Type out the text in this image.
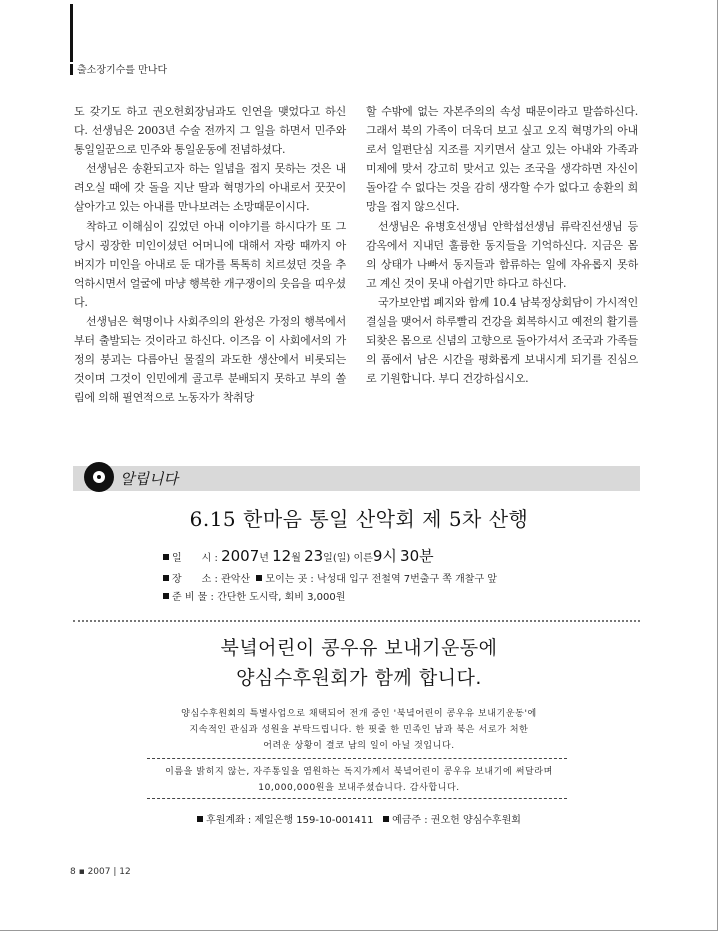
출소장기수를 만나다

도 갖기도 하고 권오헌회장님과도 인연을 맺었다고 하신다. 선생님은 2003년 수술 전까지 그 일을 하면서 민주와 통일일꾼으로 민주와 통일운동에 전념하셨다.

선생님은 송환되고자 하는 일념을 접지 못하는 것은 내려오실 때에 갓 돌을 지난 딸과 혁명가의 아내로서 꿋꿋이 살아가고 있는 아내를 만나보려는 소망때문이시다.

착하고 이해심이 깊었던 아내 이야기를 하시다가 또 그 당시 굉장한 미인이셨던 어머니에 대해서 자랑 때까지 아버지가 미인을 아내로 둔 대가를 톡톡히 치르셨던 것을 추억하시면서 얼굴에 마냥 행복한 개구쟁이의 웃음을 띠우셨다.

선생님은 혁명이나 사회주의의 완성은 가정의 행복에서부터 출발되는 것이라고 하신다. 이즈음 이 사회에서의 가정의 붕괴는 다름아닌 물질의 과도한 생산에서 비롯되는 것이며 그것이 인민에게 골고루 분배되지 못하고 부의 쏠림에 의해 필연적으로 노동자가 착취당

할 수밖에 없는 자본주의의 속성 때문이라고 말씀하신다. 그래서 북의 가족이 더욱더 보고 싶고 오직 혁명가의 아내로서 일편단심 지조를 지키면서 살고 있는 아내와 가족과 미제에 맞서 강고히 맞서고 있는 조국을 생각하면 자신이 돌아갈 수 없다는 것을 감히 생각할 수가 없다고 송환의 희망을 접지 않으신다.

선생님은 유병호선생님 안학섭선생님 류락진선생님 등 감옥에서 지내던 훌륭한 동지들을 기억하신다. 지금은 몸의 상태가 나빠서 동지들과 함류하는 일에 자유롭지 못하고 계신 것이 못내 아쉽기만 하다고 하신다.

국가보안법 폐지와 함께 10.4 남북정상회담이 가시적인 결실을 맺어서 하루빨리 건강을 회복하시고 예전의 활기를 되찾은 몸으로 신념의 고향으로 돌아가셔서 조국과 가족들의 품에서 남은 시간을 평화롭게 보내시게 되기를 진심으로 기원합니다. 부디 건강하십시오.

알립니다
6.15 한마음 통일 산악회 제 5차 산행
일　　시 : 2007년 12월 23일(일) 이른9시 30분
장　　소 : 관악산 모이는 곳 : 낙성대 입구 전철역 7번출구 쪽 개찰구 앞
준 비 물 : 간단한 도시락, 회비 3,000원
북녘어린이 콩우유 보내기운동에
양심수후원회가 함께 합니다.
양심수후원회의 특별사업으로 채택되어 전개 중인 '북녘어린이 콩우유 보내기운동'에
지속적인 관심과 성원을 부탁드립니다. 한 핏줄 한 민족인 남과 북은 서로가 처한
어려운 상황이 결코 남의 일이 아닐 것입니다.
이름을 밝히지 않는, 자주통일을 염원하는 독지가께서 북녘어린이 콩우유 보내기에 써달라며
10,000,000원을 보내주셨습니다. 감사합니다.
후원계좌 : 제일은행 159-10-001411 예금주 : 권오헌 양심수후원회
8 ▪ 2007 | 12
